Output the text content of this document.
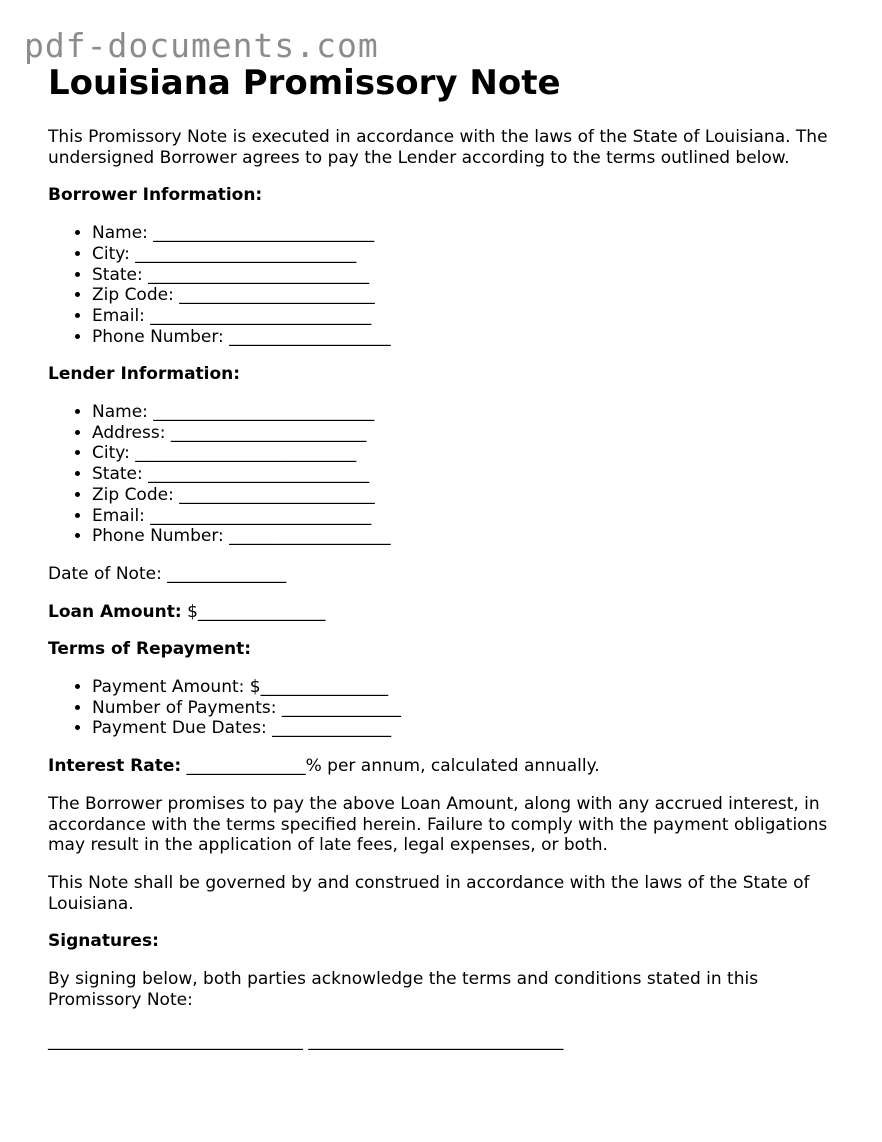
pdf-documents.com
Louisiana Promissory Note

This Promissory Note is executed in accordance with the laws of the State of Louisiana. The undersigned Borrower agrees to pay the Lender according to the terms outlined below.

Borrower Information:
• Name: __________________________
• City: __________________________
• State: __________________________
• Zip Code: _______________________
• Email: __________________________
• Phone Number: ___________________
Lender Information:
• Name: __________________________
• Address: _______________________
• City: __________________________
• State: __________________________
• Zip Code: _______________________
• Email: __________________________
• Phone Number: ___________________

Date of Note: ______________

Loan Amount: $_______________

Terms of Repayment:
• Payment Amount: $_______________
• Number of Payments: ______________
• Payment Due Dates: ______________

Interest Rate: ______________% per annum, calculated annually.

The Borrower promises to pay the above Loan Amount, along with any accrued interest, in accordance with the terms specified herein. Failure to comply with the payment obligations may result in the application of late fees, legal expenses, or both.

This Note shall be governed by and construed in accordance with the laws of the State of Louisiana.

Signatures:

By signing below, both parties acknowledge the terms and conditions stated in this Promissory Note:

______________________________ ______________________________
